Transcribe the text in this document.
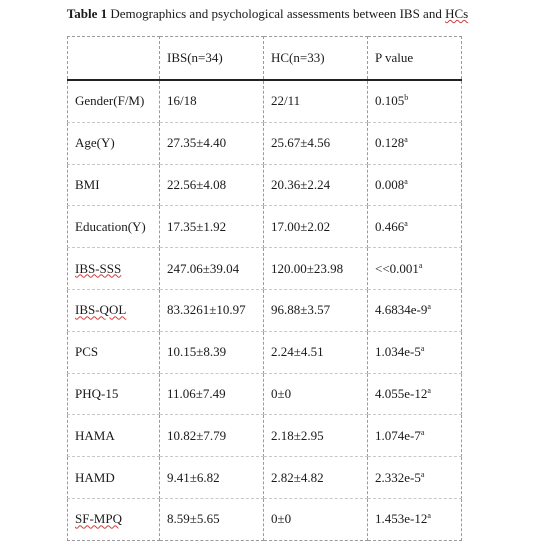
Table 1 Demographics and psychological assessments between IBS and HCs
	IBS(n=34)	HC(n=33)	P value
Gender(F/M)	16/18	22/11	0.105$^b$
Age(Y)	27.35±4.40	25.67±4.56	0.128$^a$
BMI	22.56±4.08	20.36±2.24	0.008$^a$
Education(Y)	17.35±1.92	17.00±2.02	0.466$^a$
IBS-SSS	247.06±39.04	120.00±23.98	<<0.001$^a$
IBS-QOL	83.3261±10.97	96.88±3.57	4.6834e-9$^a$
PCS	10.15±8.39	2.24±4.51	1.034e-5$^a$
PHQ-15	11.06±7.49	0±0	4.055e-12$^a$
HAMA	10.82±7.79	2.18±2.95	1.074e-7$^a$
HAMD	9.41±6.82	2.82±4.82	2.332e-5$^a$
SF-MPQ	8.59±5.65	0±0	1.453e-12$^a$
